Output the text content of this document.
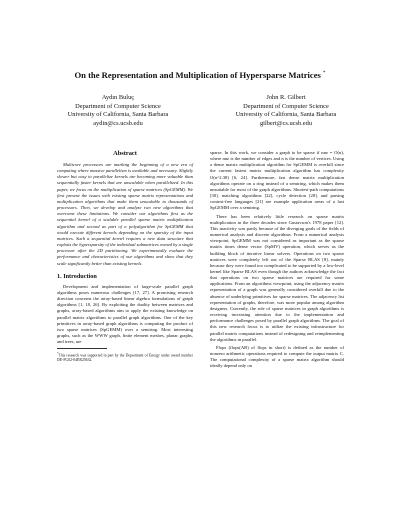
On the Representation and Multiplication of Hypersparse Matrices *
Aydın Buluç
Department of Computer Science
University of California, Santa Barbara
aydin@cs.ucsb.edu
John R. Gilbert
Department of Computer Science
University of California, Santa Barbara
gilbert@cs.ucsb.edu
Abstract

Multicore processors are marking the beginning of a new era of computing where massive parallelism is available and necessary. Slightly slower but easy to parallelize kernels are becoming more valuable than sequentially faster kernels that are unscalable when parallelized. In this paper, we focus on the multiplication of sparse matrices (SpGEMM). We first present the issues with existing sparse matrix representations and multiplication algorithms that make them unscalable to thousands of processors. Then, we develop and analyze two new algorithms that overcome these limitations. We consider our algorithms first as the sequential kernel of a scalable parallel sparse matrix multiplication algorithm and second as part of a polyalgorithm for SpGEMM that would execute different kernels depending on the sparsity of the input matrices. Such a sequential kernel requires a new data structure that exploits the hypersparsity of the individual submatrices owned by a single processor after the 2D partitioning. We experimentally evaluate the performance and characteristics of our algorithms and show that they scale significantly better than existing kernels.

1. Introduction

Development and implementation of large-scale parallel graph algorithms poses numerous challenges [17, 27]. A promising research direction concerns the array-based linear algebra formulations of graph algorithms [1, 18, 26]. By exploiting the duality between matrices and graphs, array-based algorithms aim to apply the existing knowledge on parallel matrix algorithms to parallel graph algorithms. One of the key primitives in array-based graph algorithms is computing the product of two sparse matrices (SpGEMM) over a semiring. Most interesting graphs, such as the WWW graph, finite element meshes, planar graphs, and trees, are

*This research was supported in part by the Department of Energy under award number DE-FG02-04ER25632.

sparse. In this work, we consider a graph to be sparse if nnz = O(n), where nnz is the number of edges and n is the number of vertices. Using a dense matrix multiplication algorithm for SpGEMM is overkill since the current fastest matrix multiplication algorithm has complexity O(n^2.38) [6, 24]. Furthermore, fast dense matrix multiplication algorithms operate on a ring instead of a semiring, which makes them unsuitable for most of the graph algorithms. Shortest-path computations [30], matching algorithms [22], cycle detection [28], and parsing context-free languages [21] are example application areas of a fast SpGEMM over a semiring.

There has been relatively little research on sparse matrix multiplication in the three decades since Gustavson's 1978 paper [12]. This inactivity was partly because of the diverging goals of the fields of numerical analysis and discrete algorithms. From a numerical analysis viewpoint, SpGEMM was not considered as important as the sparse matrix times dense vector (SpMV) operation, which serves as the building block of iterative linear solvers. Operations on two sparse matrices were completely left out of the Sparse BLAS [8], mainly because they were found too complicated to be supported by a low-level kernel like Sparse BLAS even though the authors acknowledge the fact that operations on two sparse matrices are required for some applications. From an algorithms viewpoint, using the adjacency matrix representation of a graph was generally considered overkill due to the absence of underlying primitives for sparse matrices. The adjacency list representation of graphs, therefore, was more popular among algorithm designers. Currently, the role of sparse matrices in graph algorithms is receiving increasing attention due to the implementation and performance challenges posed by parallel graph algorithms. The goal of this new research focus is to utilize the existing infrastructure for parallel matrix computations instead of redesigning and reimplementing the algorithms in parallel.

Flops (flops(AB) of flops in short) is defined as the number of nonzero arithmetic operations required to compute the output matrix C. The computational complexity of a sparse matrix algorithm should ideally depend only on
